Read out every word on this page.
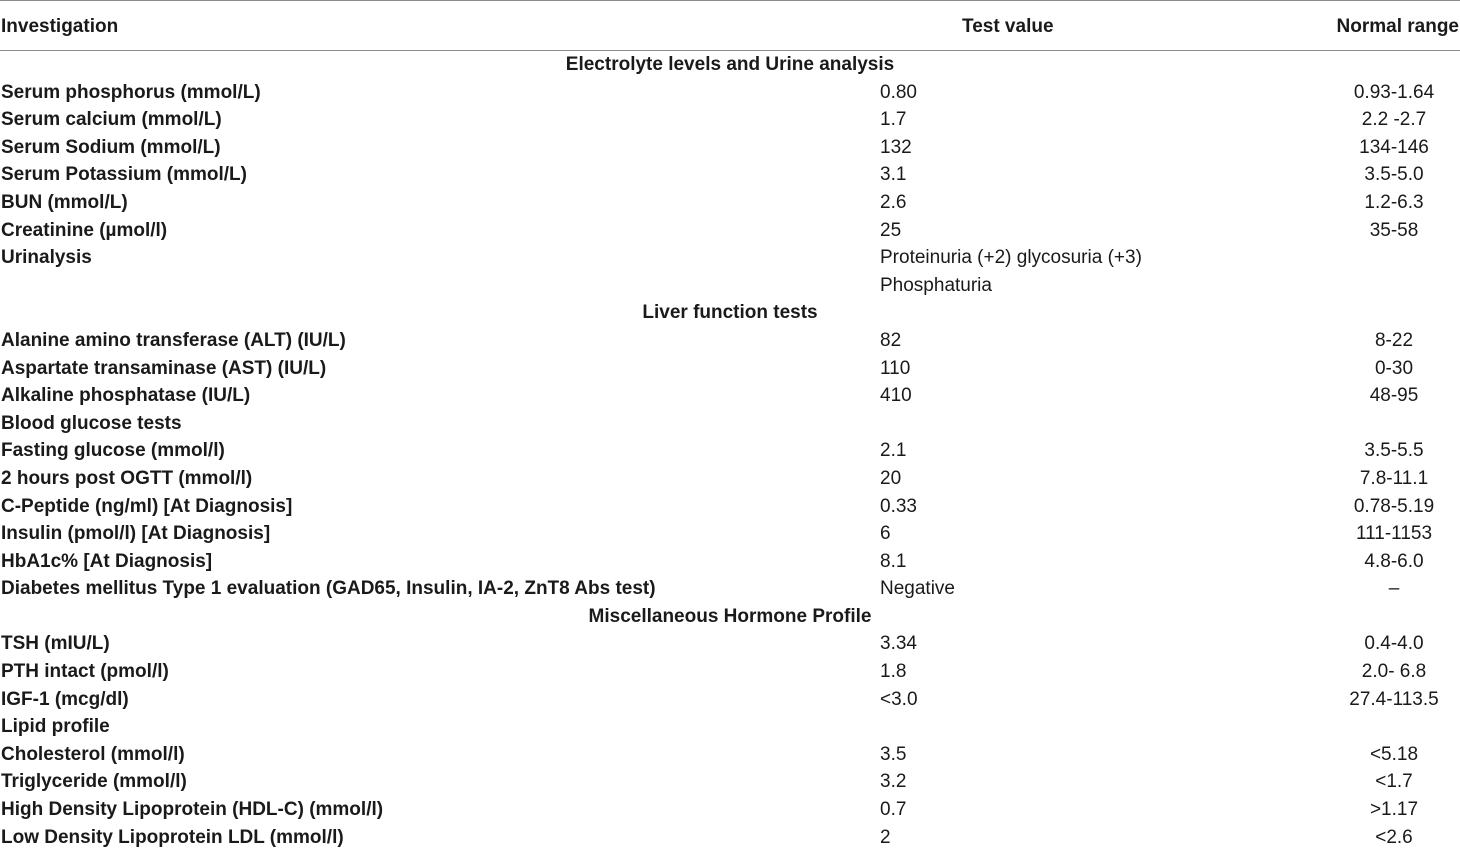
Investigation	Test value	Normal range
Electrolyte levels and Urine analysis
Serum phosphorus (mmol/L)	0.80	0.93-1.64
Serum calcium (mmol/L)	1.7	2.2 -2.7
Serum Sodium (mmol/L)	132	134-146
Serum Potassium (mmol/L)	3.1	3.5-5.0
BUN (mmol/L)	2.6	1.2-6.3
Creatinine (µmol/l)	25	35-58
Urinalysis	Proteinuria (+2) glycosuria (+3)
Phosphaturia
Liver function tests
Alanine amino transferase (ALT) (IU/L)	82	8-22
Aspartate transaminase (AST) (IU/L)	110	0-30
Alkaline phosphatase (IU/L)	410	48-95
Blood glucose tests
Fasting glucose (mmol/l)	2.1	3.5-5.5
2 hours post OGTT (mmol/l)	20	7.8-11.1
C-Peptide (ng/ml) [At Diagnosis]	0.33	0.78-5.19
Insulin (pmol/l) [At Diagnosis]	6	111-1153
HbA1c% [At Diagnosis]	8.1	4.8-6.0
Diabetes mellitus Type 1 evaluation (GAD65, Insulin, IA-2, ZnT8 Abs test)	Negative	–
Miscellaneous Hormone Profile
TSH (mIU/L)	3.34	0.4-4.0
PTH intact (pmol/l)	1.8	2.0- 6.8
IGF-1 (mcg/dl)	<3.0	27.4-113.5
Lipid profile
Cholesterol (mmol/l)	3.5	<5.18
Triglyceride (mmol/l)	3.2	<1.7
High Density Lipoprotein (HDL-C) (mmol/l)	0.7	>1.17
Low Density Lipoprotein LDL (mmol/l)	2	<2.6
